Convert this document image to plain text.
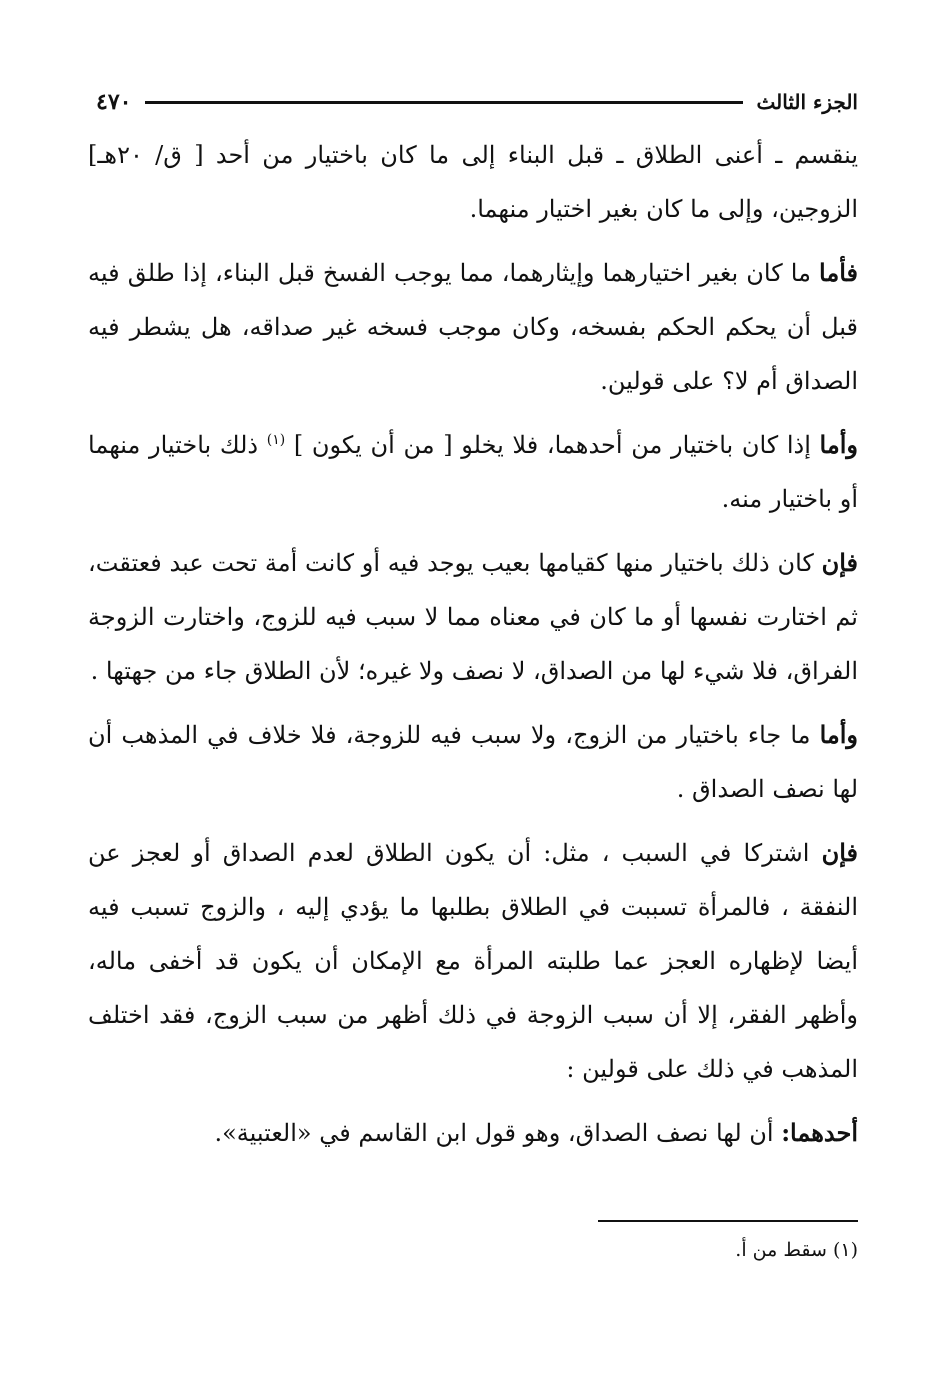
الجزء الثالث
٤٧٠

ينقسم ـ أعنى الطلاق ـ قبل البناء إلى ما كان باختيار من أحد [ ق/ ٢٠هـ] الزوجين، وإلى ما كان بغير اختيار منهما.

فأما ما كان بغير اختيارهما وإيثارهما، مما يوجب الفسخ قبل البناء، إذا طلق فيه قبل أن يحكم الحكم بفسخه، وكان موجب فسخه غير صداقه، هل يشطر فيه الصداق أم لا؟ على قولين.

وأما إذا كان باختيار من أحدهما، فلا يخلو [ من أن يكون ] $^{(١)}$ ذلك باختيار منهما أو باختيار منه.

فإن كان ذلك باختيار منها كقيامها بعيب يوجد فيه أو كانت أمة تحت عبد فعتقت، ثم اختارت نفسها أو ما كان في معناه مما لا سبب فيه للزوج، واختارت الزوجة الفراق، فلا شيء لها من الصداق، لا نصف ولا غيره؛ لأن الطلاق جاء من جهتها .

وأما ما جاء باختيار من الزوج، ولا سبب فيه للزوجة، فلا خلاف في المذهب أن لها نصف الصداق .

فإن اشتركا في السبب ، مثل: أن يكون الطلاق لعدم الصداق أو لعجز عن النفقة ، فالمرأة تسببت في الطلاق بطلبها ما يؤدي إليه ، والزوج تسبب فيه أيضا لإظهاره العجز عما طلبته المرأة مع الإمكان أن يكون قد أخفى ماله، وأظهر الفقر، إلا أن سبب الزوجة في ذلك أظهر من سبب الزوج، فقد اختلف المذهب في ذلك على قولين :

أحدهما: أن لها نصف الصداق، وهو قول ابن القاسم في «العتبية».

(١) سقط من أ.
